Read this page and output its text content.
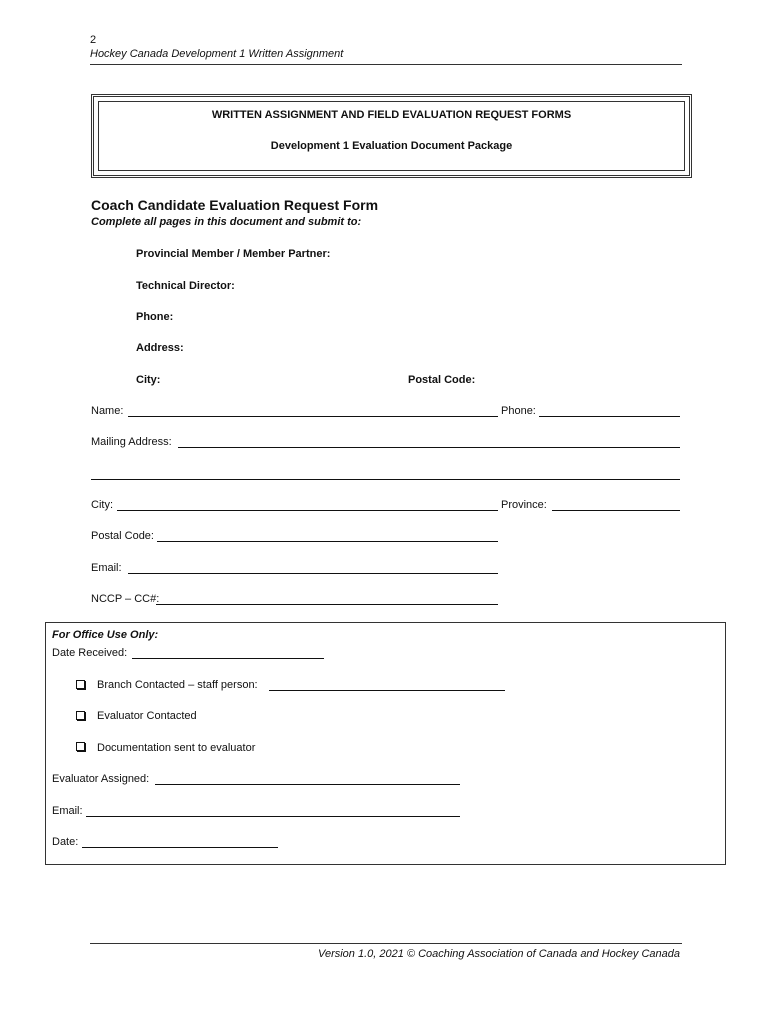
2
Hockey Canada Development 1 Written Assignment
WRITTEN ASSIGNMENT AND FIELD EVALUATION REQUEST FORMS
Development 1 Evaluation Document Package
Coach Candidate Evaluation Request Form
Complete all pages in this document and submit to:
Provincial Member / Member Partner:
Technical Director:
Phone:
Address:
City:	Postal Code:
Name:	Phone:
Mailing Address:
City:	Province:
Postal Code:
Email:
NCCP – CC#:
For Office Use Only:
Date Received:
Branch Contacted – staff person:
Evaluator Contacted
Documentation sent to evaluator
Evaluator Assigned:
Email:
Date:
Version 1.0, 2021 © Coaching Association of Canada and Hockey Canada
